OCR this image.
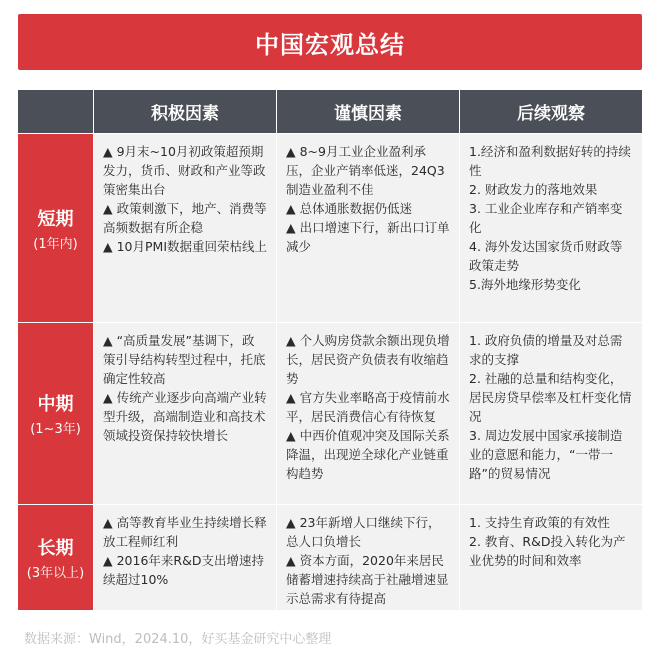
中国宏观总结
积极因素	谨慎因素	后续观察
短期
(1年内)

▲ 9月末~10月初政策超预期发力，货币、财政和产业等政策密集出台

▲ 政策刺激下，地产、消费等高频数据有所企稳

▲ 10月PMI数据重回荣枯线上

▲ 8~9月工业企业盈利承压，企业产销率低迷，24Q3制造业盈利不佳

▲ 总体通胀数据仍低迷

▲ 出口增速下行，新出口订单减少

1.经济和盈利数据好转的持续性

2. 财政发力的落地效果

3. 工业企业库存和产销率变化

4. 海外发达国家货币财政等政策走势

5.海外地缘形势变化

中期
(1~3年)

▲ “高质量发展”基调下，政策引导结构转型过程中，托底确定性较高

▲ 传统产业逐步向高端产业转型升级，高端制造业和高技术领域投资保持较快增长

▲ 个人购房贷款余额出现负增长，居民资产负债表有收缩趋势

▲ 官方失业率略高于疫情前水平，居民消费信心有待恢复

▲ 中西价值观冲突及国际关系降温，出现逆全球化产业链重构趋势

1. 政府负债的增量及对总需求的支撑

2. 社融的总量和结构变化，居民房贷早偿率及杠杆变化情况

3. 周边发展中国家承接制造业的意愿和能力，“一带一路”的贸易情况

长期
(3年以上)

▲ 高等教育毕业生持续增长释放工程师红利

▲ 2016年来R&D支出增速持续超过10%

▲ 23年新增人口继续下行，总人口负增长

▲ 资本方面，2020年来居民储蓄增速持续高于社融增速显示总需求有待提高

1. 支持生育政策的有效性

2. 教育、R&D投入转化为产业优势的时间和效率

数据来源：Wind，2024.10，好买基金研究中心整理
